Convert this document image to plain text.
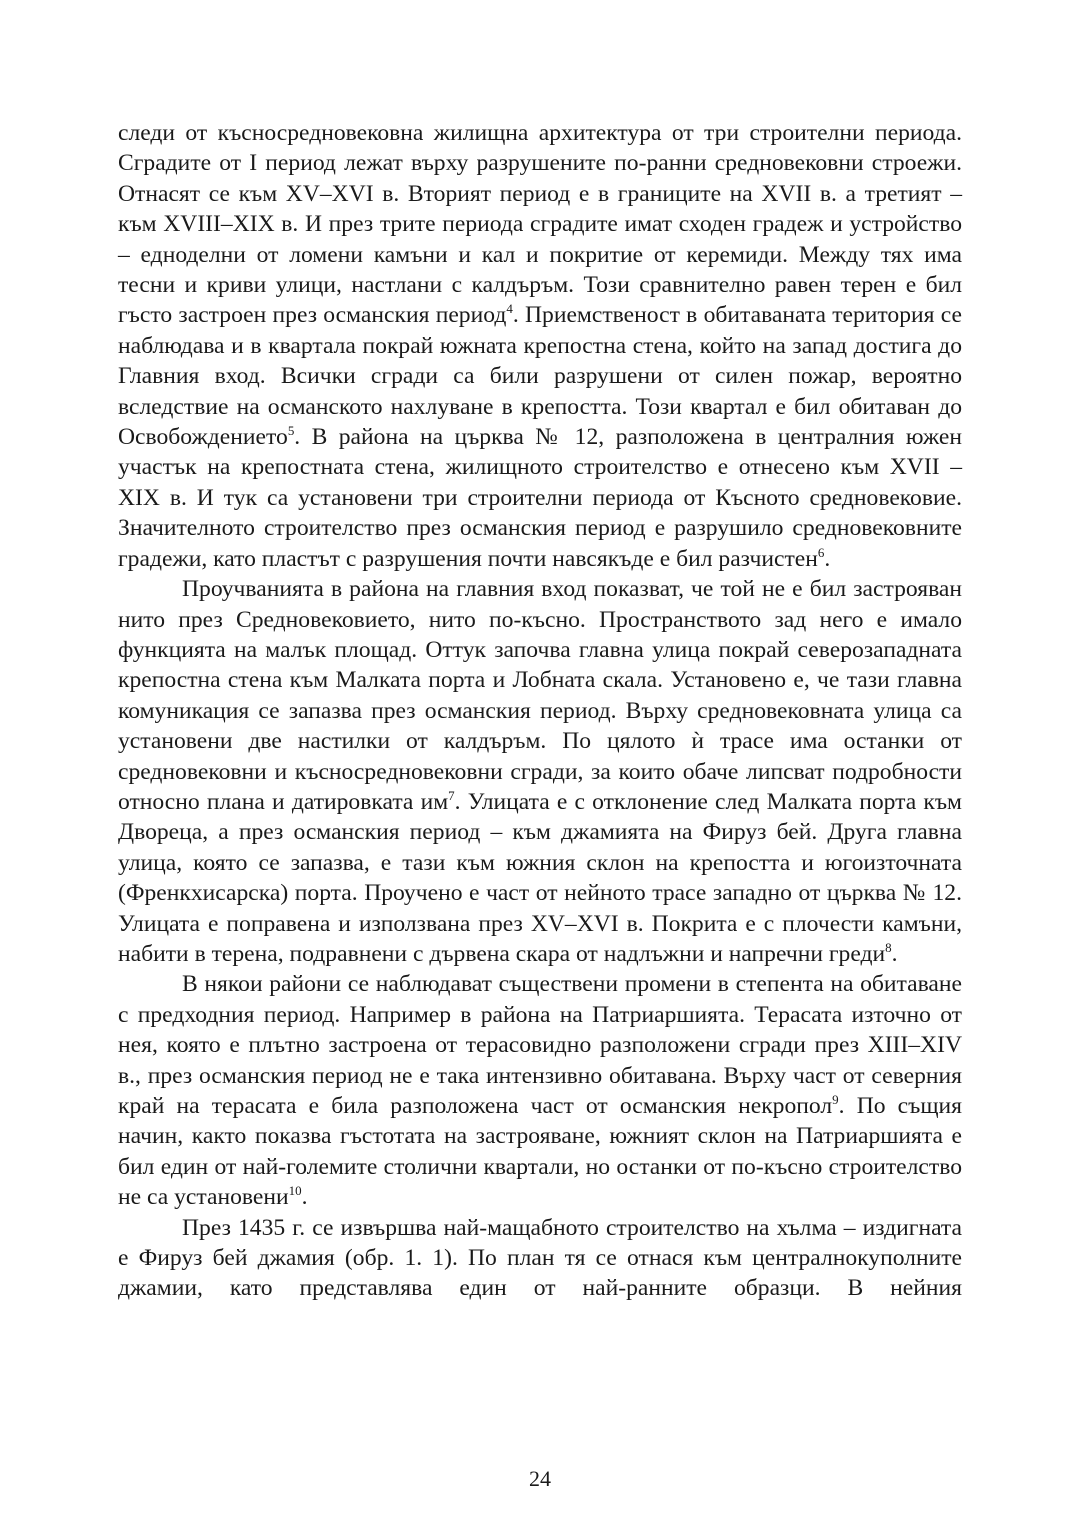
следи от късносредновековна жилищна архитектура от три строителни периода. Сградите от I период лежат върху разрушените по-ранни средновековни строежи. Отнасят се към XV–XVI в. Вторият период е в границите на XVII в. а третият – към XVIII–XIX в. И през трите периода сградите имат сходен градеж и устройство – едноделни от ломени камъни и кал и покритие от керемиди. Между тях има тесни и криви улици, настлани с калдъръм. Този сравнително равен терен е бил гъсто застроен през османския период$^4$. Приемственост в обитаваната територия се наблюдава и в квартала покрай южната крепостна стена, който на запад достига до Главния вход. Всички сгради са били разрушени от силен пожар, вероятно вследствие на османското нахлуване в крепостта. Този квартал е бил обитаван до Освобождението$^5$. В района на църква № 12, разположена в централния южен участък на крепостната стена, жилищното строителство е отнесено към XVII – XIX в. И тук са установени три строителни периода от Късното средновековие. Значителното строителство през османския период е разрушило средновековните градежи, като пластът с разрушения почти навсякъде е бил разчистен$^6$.

Проучванията в района на главния вход показват, че той не е бил застрояван нито през Средновековието, нито по-късно. Пространството зад него е имало функцията на малък площад. Оттук започва главна улица покрай северозападната крепостна стена към Малката порта и Лобната скала. Установено е, че тази главна комуникация се запазва през османския период. Върху средновековната улица са установени две настилки от калдъръм. По цялото ѝ трасе има останки от средновековни и късносредновековни сгради, за които обаче липсват подробности относно плана и датировката $им^7$. Улицата е с отклонение след Малката порта към Двореца, а през османския период – към джамията на Фируз бей. Друга главна улица, която се запазва, е тази към южния склон на крепостта и югоизточната (Френкхисарска) порта. Проучено е част от нейното трасе западно от църква № 12. Улицата е поправена и използвана през XV–XVI в. Покрита е с плочести камъни, набити в терена, подравнени с дървена скара от надлъжни и напречни греди$^8$.

В някои райони се наблюдават съществени промени в степента на обитаване с предходния период. Например в района на Патриаршията. Терасата източно от нея, която е плътно застроена от терасовидно разположени сгради през XIII–XIV в., през османския период не е така интензивно обитавана. Върху част от северния край на терасата е била разположена част от османския некропол$^9$. По същия начин, както показва гъстотата на застрояване, южният склон на Патриаршията е бил един от най-големите столични квартали, но останки от по-късно строителство не са установени$^{10}$.

През 1435 г. се извършва най-мащабното строителство на хълма – издигната е Фируз бей джамия (обр. 1. 1). По план тя се отнася към централнокуполните джамии, като представлява един от най-ранните образци. В нейния

24
